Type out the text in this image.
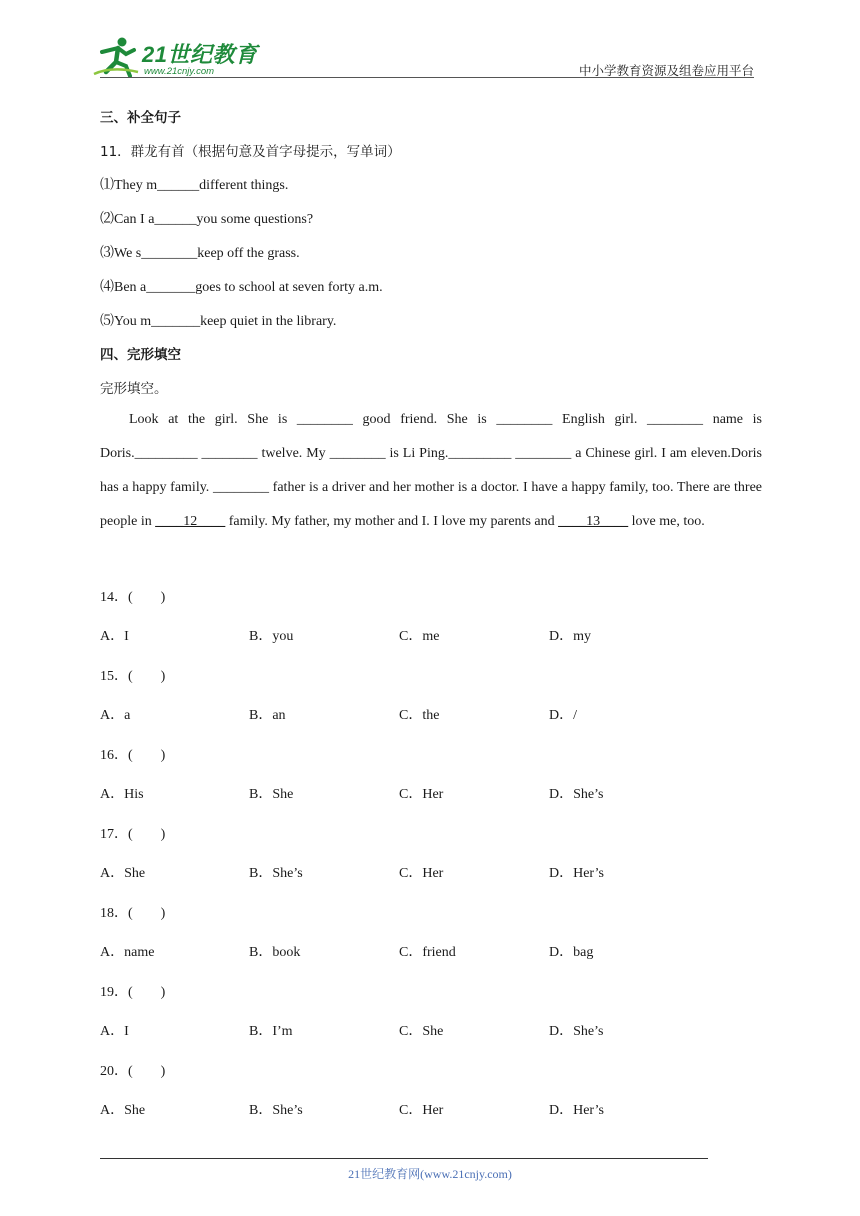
21世纪教育
www.21cnjy.com	中小学教育资源及组卷应用平台
三、补全句子
11．群龙有首（根据句意及首字母提示，写单词）
⑴They m______different things.
⑵Can I a______you some questions?
⑶We s________keep off the grass.
⑷Ben a_______goes to school at seven forty a.m.
⑸You m_______keep quiet in the library.
四、完形填空
完形填空。
Look at the girl. She is ________ good friend. She is ________ English girl. ________ name is Doris._________ ________ twelve. My ________ is Li Ping._________ ________ a Chinese girl. I am eleven.Doris has a happy family. ________ father is a driver and her mother is a doctor. I have a happy family, too. There are three people in ____12____ family. My father, my mother and I. I love my parents and ____13____ love me, too.
14．(　　)
A．I	B．you	C．me	D．my
15．(　　)
A．a	B．an	C．the	D．/
16．(　　)
A．His	B．She	C．Her	D．She’s
17．(　　)
A．She	B．She’s	C．Her	D．Her’s
18．(　　)
A．name	B．book	C．friend	D．bag
19．(　　)
A．I	B．I’m	C．She	D．She’s
20．(　　)
A．She	B．She’s	C．Her	D．Her’s
21世纪教育网(www.21cnjy.com)
